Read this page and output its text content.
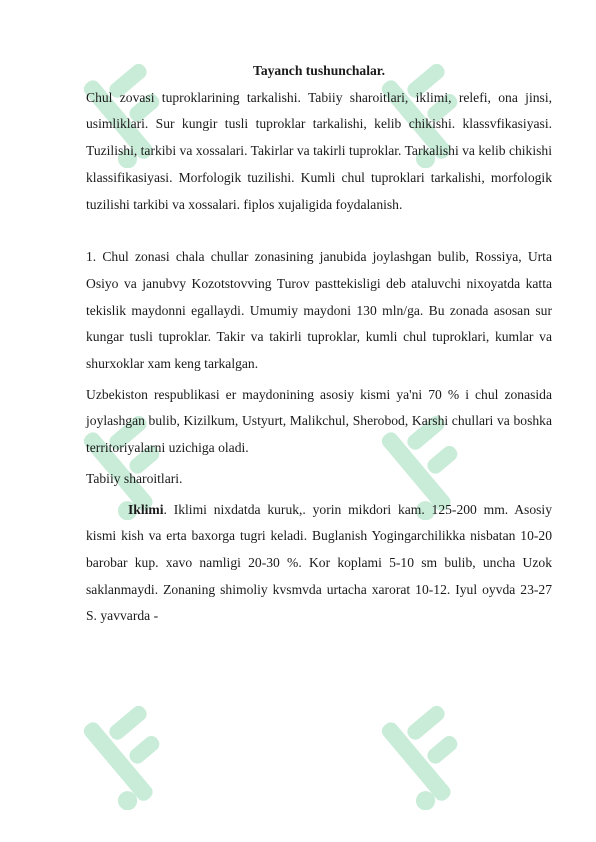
Tayanch tushunchalar.

Chul zovasi tuproklarining tarkalishi. Tabiiy sharoitlari, iklimi, relefi, ona jinsi, usimliklari. Sur kungir tusli tuproklar tarkalishi, kelib chikishi. klassvfikasiyasi. Tuzilishi, tarkibi va xossalari. Takirlar va takirli tuproklar. Tarkalishi va kelib chikishi klassifikasiyasi. Morfologik tuzilishi. Kumli chul tuproklari tarkalishi, morfologik tuzilishi tarkibi va xossalari. fiplos xujaligida foydalanish.

1. Chul zonasi chala chullar zonasining janubida joylashgan bulib, Rossiya, Urta Osiyo va janubvy Kozotstovving Turov pasttekisligi deb ataluvchi nixoyatda katta tekislik maydonni egallaydi. Umumiy maydoni 130 mln/ga. Bu zonada asosan sur kungar tusli tuproklar. Takir va takirli tuproklar, kumli chul tuproklari, kumlar va shurxoklar xam keng tarkalgan.

Uzbekiston respublikasi er maydonining asosiy kismi ya'ni 70 % i chul zonasida joylashgan bulib, Kizilkum, Ustyurt, Malikchul, Sherobod, Karshi chullari va boshka territoriyalarni uzichiga oladi.

Tabiiy sharoitlari.

Iklimi. Iklimi nixdatda kuruk,. yorin mikdori kam. 125-200 mm. Asosiy kismi kish va erta baxorga tugri keladi. Buglanish Yogingarchilikka nisbatan 10-20 barobar kup. xavo namligi 20-30 %. Kor koplami 5-10 sm bulib, uncha Uzok saklanmaydi. Zonaning shimoliy kvsmvda urtacha xarorat 10-12. Iyul oyvda 23-27 S. yavvarda -
